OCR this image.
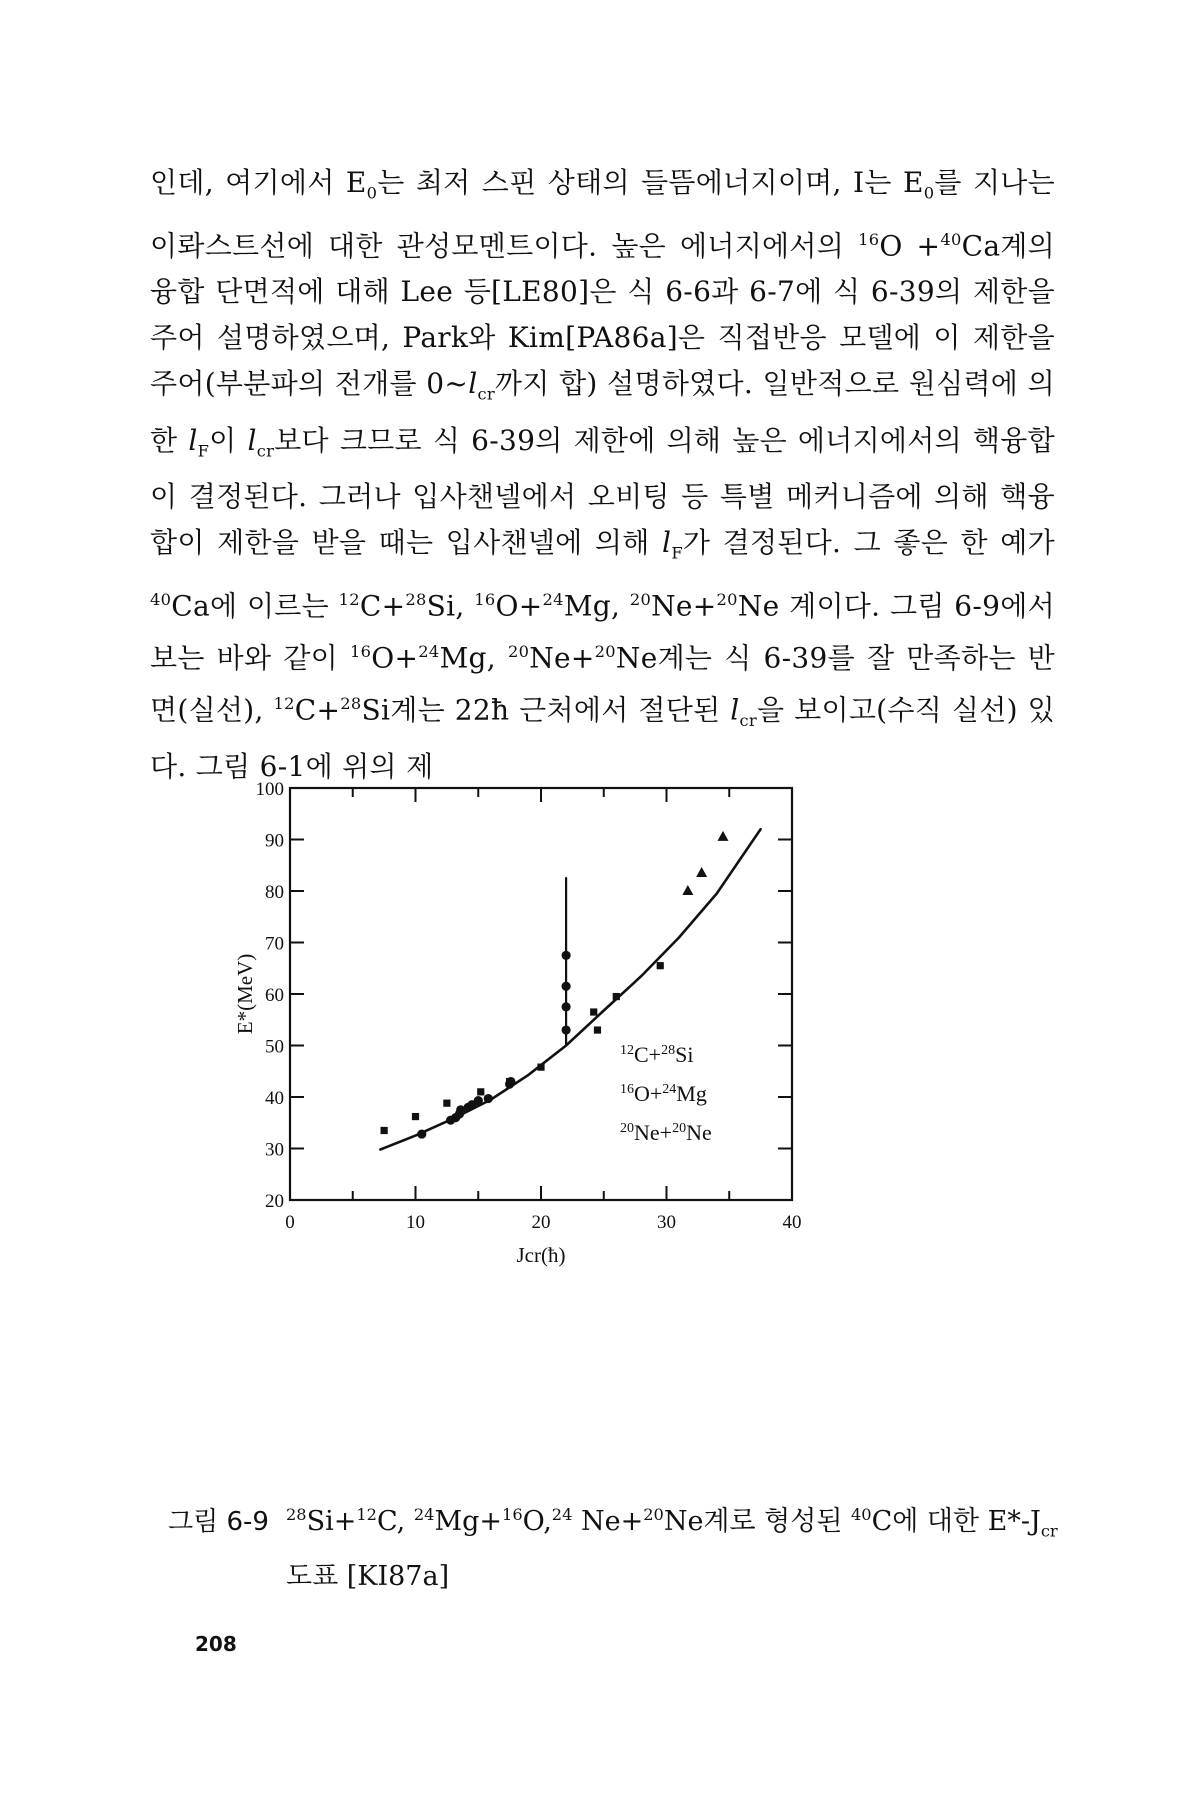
인데, 여기에서 $E_0$는 최저 스핀 상태의 들뜸에너지이며, I는 $E_0$를 지나는 이롸스트선에 대한 관성모멘트이다. 높은 에너지에서의 $^{16}$O +$^{40}$Ca계의 융합 단면적에 대해 Lee 등[LE80]은 식 6-6과 6-7에 식 6-39의 제한을 주어 설명하였으며, Park와 Kim[PA86a]은 직접반응 모델에 이 제한을 주어(부분파의 전개를 $0\sim l_{cr}$까지 합) 설명하였다. 일반적으로 원심력에 의한 $l_F$이 $l_{cr}$보다 크므로 식 6-39의 제한에 의해 높은 에너지에서의 핵융합이 결정된다. 그러나 입사챈넬에서 오비팅 등 특별 메커니즘에 의해 핵융합이 제한을 받을 때는 입사챈넬에 의해 $l_F$가 결정된다. 그 좋은 한 예가 $^{40}$Ca에 이르는 $^{12}$C+$^{28}$Si, $^{16}$O+$^{24}$Mg, $^{20}$Ne+$^{20}$Ne 계이다. 그림 6-9에서 보는 바와 같이 $^{16}$O+$^{24}$Mg, $^{20}$Ne+$^{20}$Ne계는 식 6-39를 잘 만족하는 반면(실선), $^{12}$C+$^{28}$Si계는 22ħ 근처에서 절단된 $l_{cr}$을 보이고(수직 실선) 있다. 그림 6-1에 위의 제

0	10	20	30	40
20
30
40
50
60
70
80
90
100
Jcr(ħ)
E*(MeV)
$^{12}$C+$^{28}$Si
$^{16}$O+$^{24}$Mg
$^{20}$Ne+$^{20}$Ne
그림 6-9 $^{28}$Si+$^{12}$C, $^{24}$Mg+$^{16}$O,$^{24}$ Ne+$^{20}$Ne계로 형성된 $^{40}$C에 대한 $E*-J_{cr}$
도표 [KI87a]
208
